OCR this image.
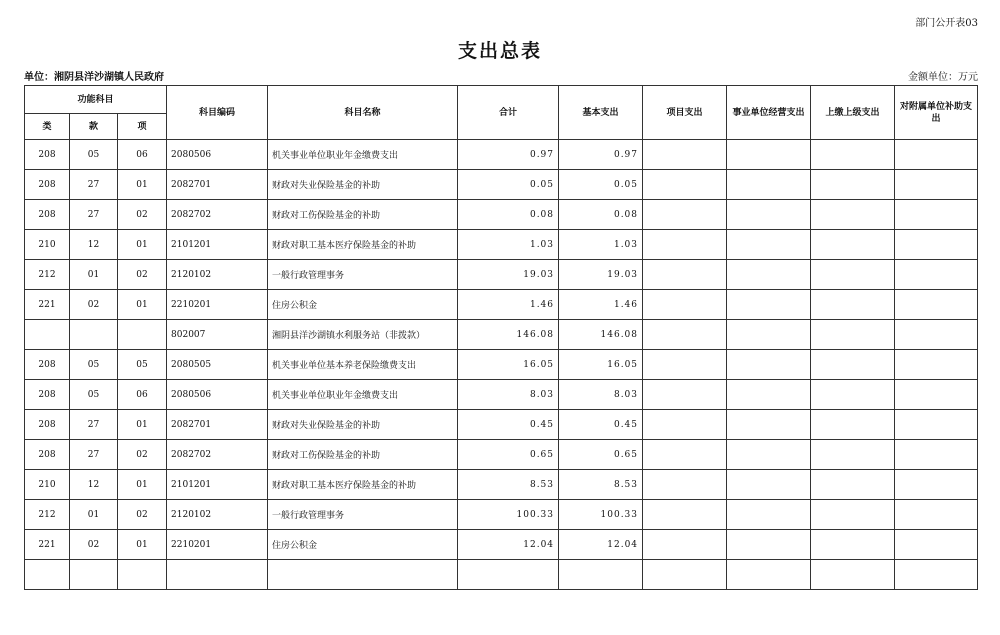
部门公开表03
支出总表
单位：湘阴县洋沙湖镇人民政府	金额单位：万元
功能科目			科目编码	科目名称	合计	基本支出	项目支出	事业单位经营支出	上缴上级支出	对附属单位补助支出
类	款	项								
208	05	06	2080506	机关事业单位职业年金缴费支出	0.97	0.97				
208	27	01	2082701	财政对失业保险基金的补助	0.05	0.05				
208	27	02	2082702	财政对工伤保险基金的补助	0.08	0.08				
210	12	01	2101201	财政对职工基本医疗保险基金的补助	1.03	1.03				
212	01	02	2120102	一般行政管理事务	19.03	19.03				
221	02	01	2210201	住房公积金	1.46	1.46				
			802007	湘阴县洋沙湖镇水利服务站（非拨款）	146.08	146.08				
208	05	05	2080505	机关事业单位基本养老保险缴费支出	16.05	16.05				
208	05	06	2080506	机关事业单位职业年金缴费支出	8.03	8.03				
208	27	01	2082701	财政对失业保险基金的补助	0.45	0.45				
208	27	02	2082702	财政对工伤保险基金的补助	0.65	0.65				
210	12	01	2101201	财政对职工基本医疗保险基金的补助	8.53	8.53				
212	01	02	2120102	一般行政管理事务	100.33	100.33				
221	02	01	2210201	住房公积金	12.04	12.04				
